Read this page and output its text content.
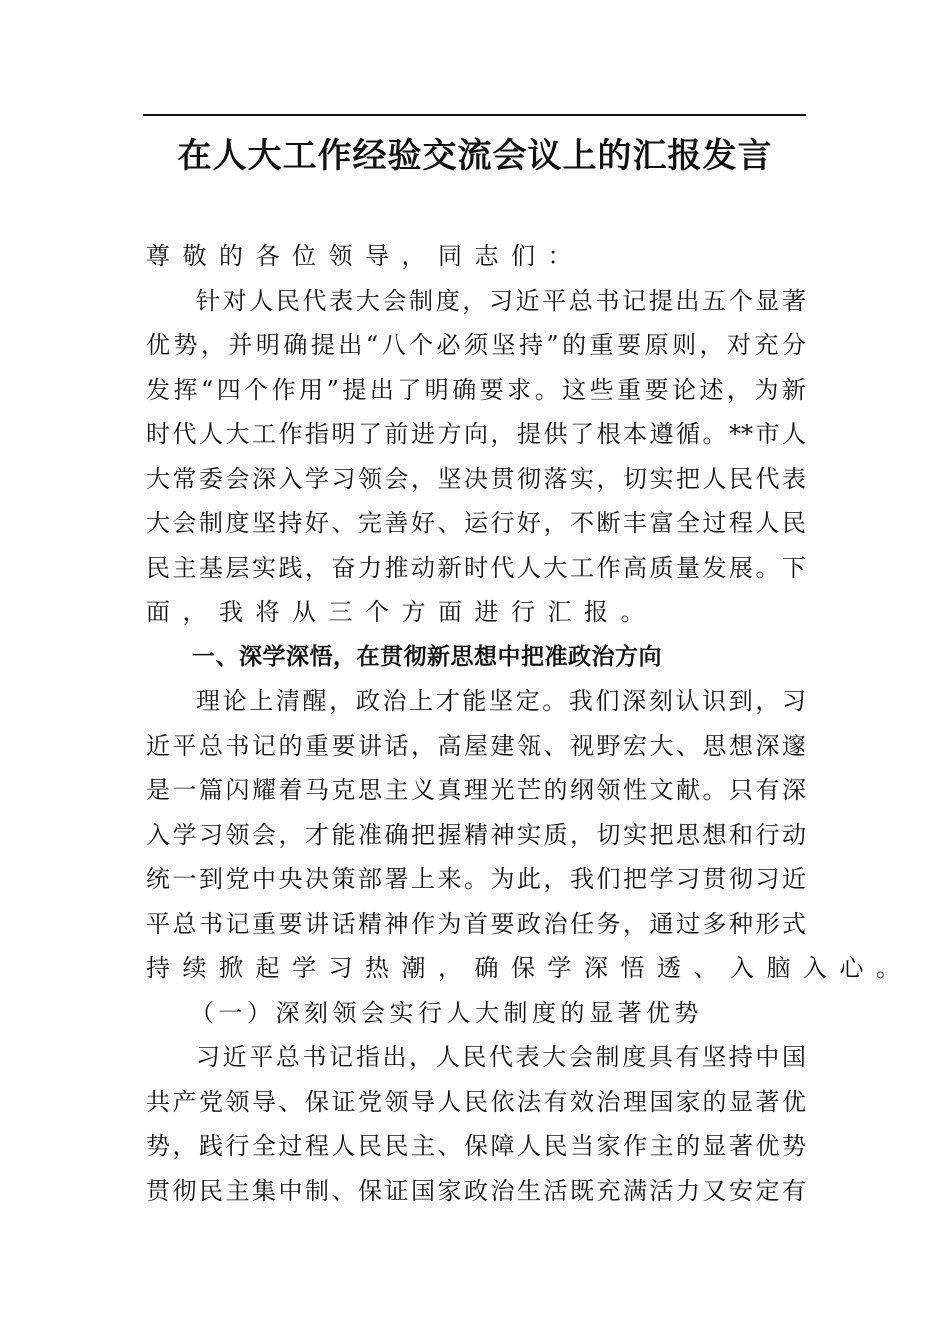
在人大工作经验交流会议上的汇报发言
尊敬的各位领导，同志们：
针对人民代表大会制度，习近平总书记提出五个显著
优势，并明确提出“八个必须坚持”的重要原则，对充分
发挥“四个作用”提出了明确要求。这些重要论述，为新
时代人大工作指明了前进方向，提供了根本遵循。**市人
大常委会深入学习领会，坚决贯彻落实，切实把人民代表
大会制度坚持好、完善好、运行好，不断丰富全过程人民
民主基层实践，奋力推动新时代人大工作高质量发展。下
面，我将从三个方面进行汇报。
一、深学深悟，在贯彻新思想中把准政治方向
理论上清醒，政治上才能坚定。我们深刻认识到，习
近平总书记的重要讲话，高屋建瓴、视野宏大、思想深邃
是一篇闪耀着马克思主义真理光芒的纲领性文献。只有深
入学习领会，才能准确把握精神实质，切实把思想和行动
统一到党中央决策部署上来。为此，我们把学习贯彻习近
平总书记重要讲话精神作为首要政治任务，通过多种形式
持续掀起学习热潮，确保学深悟透、入脑入心。
（一）深刻领会实行人大制度的显著优势
习近平总书记指出，人民代表大会制度具有坚持中国
共产党领导、保证党领导人民依法有效治理国家的显著优
势，践行全过程人民民主、保障人民当家作主的显著优势
贯彻民主集中制、保证国家政治生活既充满活力又安定有
